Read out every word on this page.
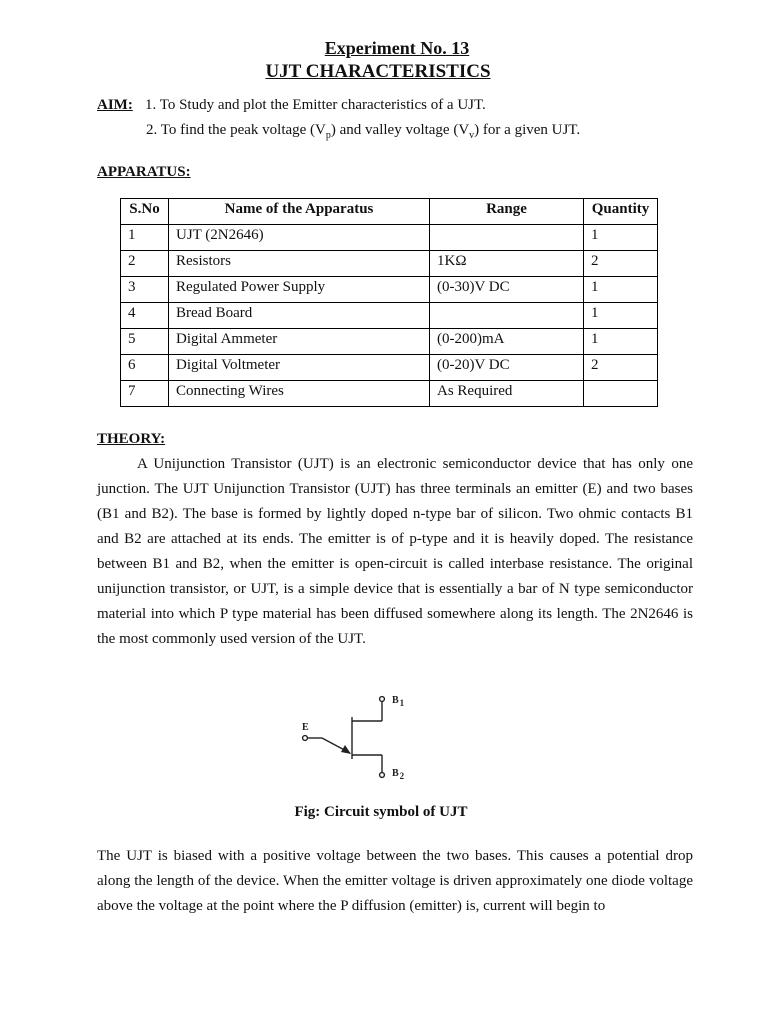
Experiment No. 13
UJT CHARACTERISTICS
AIM: 1. To Study and plot the Emitter characteristics of a UJT.
2. To find the peak voltage $(V_p)$ and valley voltage $(V_v)$ for a given UJT.
APPARATUS:
S.No	Name of the Apparatus	Range	Quantity
1	UJT (2N2646)		1
2	Resistors	1KΩ	2
3	Regulated Power Supply	(0-30)V DC	1
4	Bread Board		1
5	Digital Ammeter	(0-200)mA	1
6	Digital Voltmeter	(0-20)V DC	2
7	Connecting Wires	As Required	
THEORY:
A Unijunction Transistor (UJT) is an electronic semiconductor device that has only one junction. The UJT Unijunction Transistor (UJT) has three terminals an emitter (E) and two bases (B1 and B2). The base is formed by lightly doped n-type bar of silicon. Two ohmic contacts B1 and B2 are attached at its ends. The emitter is of p-type and it is heavily doped. The resistance between B1 and B2, when the emitter is open-circuit is called interbase resistance. The original unijunction transistor, or UJT, is a simple device that is essentially a bar of N type semiconductor material into which P type material has been diffused somewhere along its length. The 2N2646 is the most commonly used version of the UJT.
E
B1
B2
Fig: Circuit symbol of UJT
The UJT is biased with a positive voltage between the two bases. This causes a potential drop along the length of the device. When the emitter voltage is driven approximately one diode voltage above the voltage at the point where the P diffusion (emitter) is, current will begin to
